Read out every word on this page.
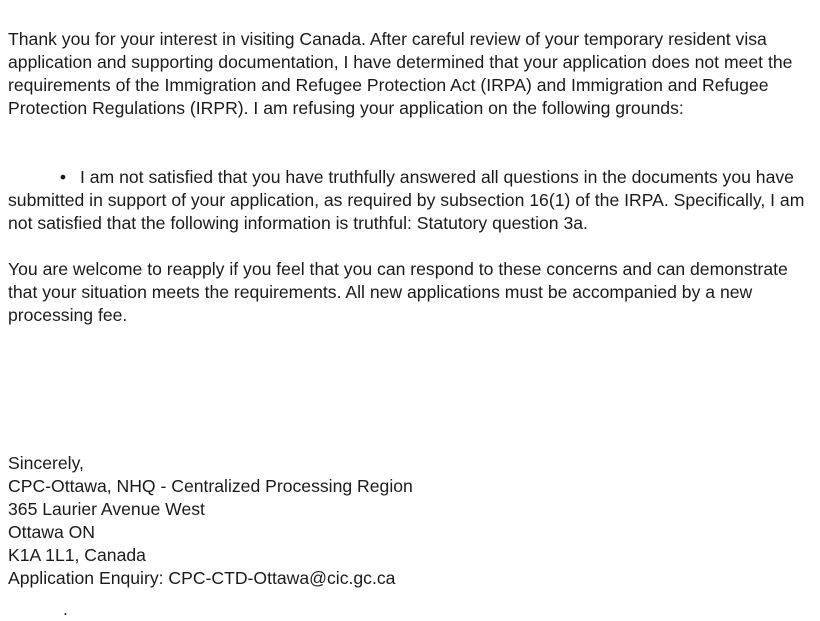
Thank you for your interest in visiting Canada. After careful review of your temporary resident visa application and supporting documentation, I have determined that your application does not meet the requirements of the Immigration and Refugee Protection Act (IRPA) and Immigration and Refugee Protection Regulations (IRPR). I am refusing your application on the following grounds:

• I am not satisfied that you have truthfully answered all questions in the documents you have submitted in support of your application, as required by subsection 16(1) of the IRPA. Specifically, I am not satisfied that the following information is truthful: Statutory question 3a.

You are welcome to reapply if you feel that you can respond to these concerns and can demonstrate that your situation meets the requirements. All new applications must be accompanied by a new processing fee.

Sincerely,
CPC-Ottawa, NHQ - Centralized Processing Region
365 Laurier Avenue West
Ottawa ON
K1A 1L1, Canada
Application Enquiry: CPC-CTD-Ottawa@cic.gc.ca
.
